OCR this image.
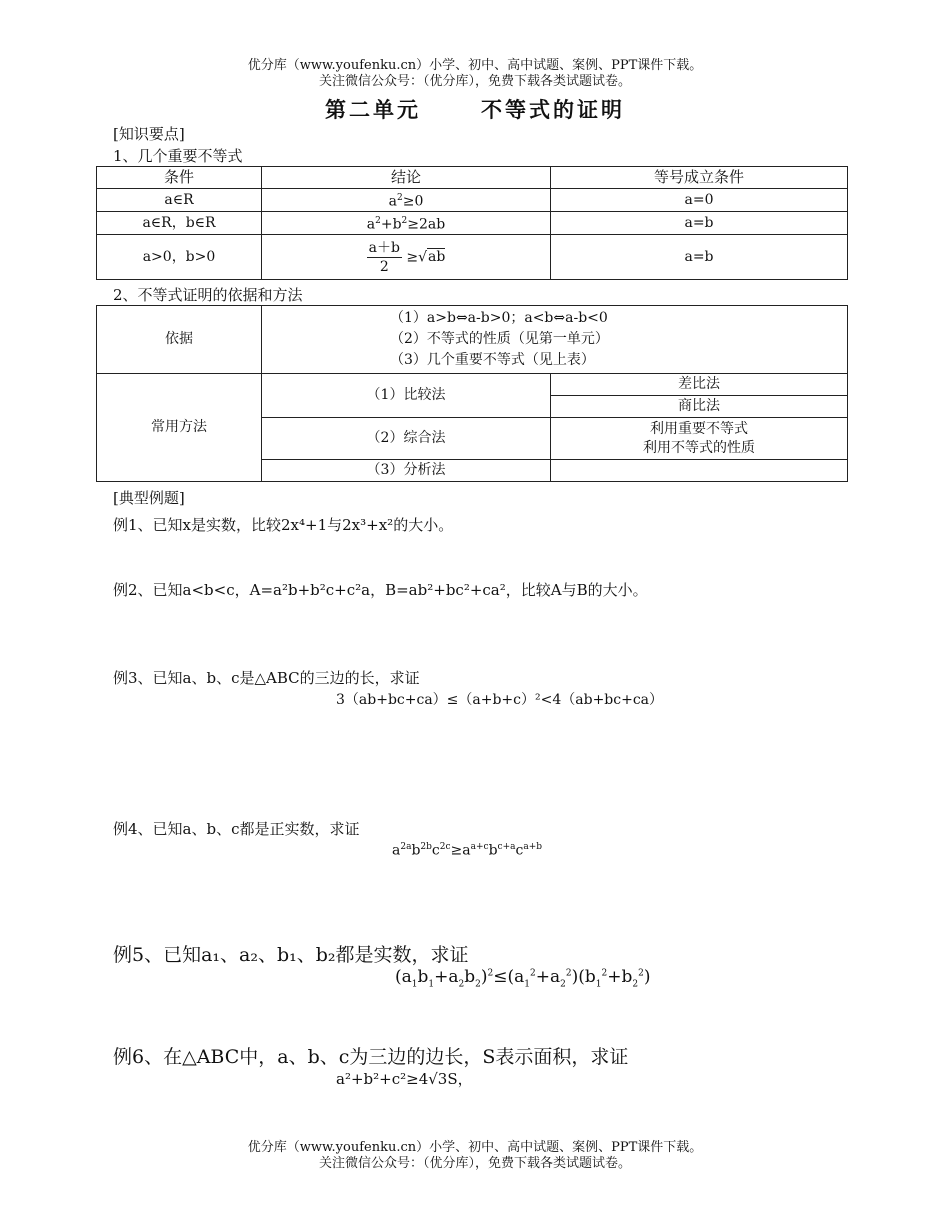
优分库（www.youfenku.cn）小学、初中、高中试题、案例、PPT课件下载。
关注微信公众号：（优分库），免费下载各类试题试卷。
第二单元	不等式的证明
[知识要点]
1、几个重要不等式
条件	结论	等号成立条件
a∈R	$a^2\ge 0$	a=0
a∈R，b∈R	$a^2+b^2\ge 2ab$	a=b
a>0，b>0	$\frac{a+b}{2} \ge√ab$	a=b
2、不等式证明的依据和方法
依据	（1）a>b⇔a-b>0；a<b⇔a-b<0
（2）不等式的性质（见第一单元）
（3）几个重要不等式（见上表）	

常用方法	（1）比较法	差比法
		商比法
	（2）综合法	利用重要不等式
利用不等式的性质

	（3）分析法	
[典型例题]
例1、已知x是实数，比较2x⁴+1与2x³+x²的大小。
例2、已知a<b<c，A=a²b+b²c+c²a，B=ab²+bc²+ca²，比较A与B的大小。
例3、已知a、b、c是△ABC的三边的长，求证
3（ab+bc+ca）≤（a+b+c）²<4（ab+bc+ca）
例4、已知a、b、c都是正实数，求证
$a^{2a}b^{2b}c^{2c}\ge a^{a+c}b^{c+a}c^{a+b}$
例5、已知a₁、a₂、b₁、b₂都是实数，求证
$(a_1b_1+a_2b_2)^2\le(a_1^2+a_2^2)(b_1^2+b_2^2)$
例6、在△ABC中，a、b、c为三边的边长，S表示面积，求证
a²+b²+c²≥4√3S，
优分库（www.youfenku.cn）小学、初中、高中试题、案例、PPT课件下载。
关注微信公众号：（优分库），免费下载各类试题试卷。
